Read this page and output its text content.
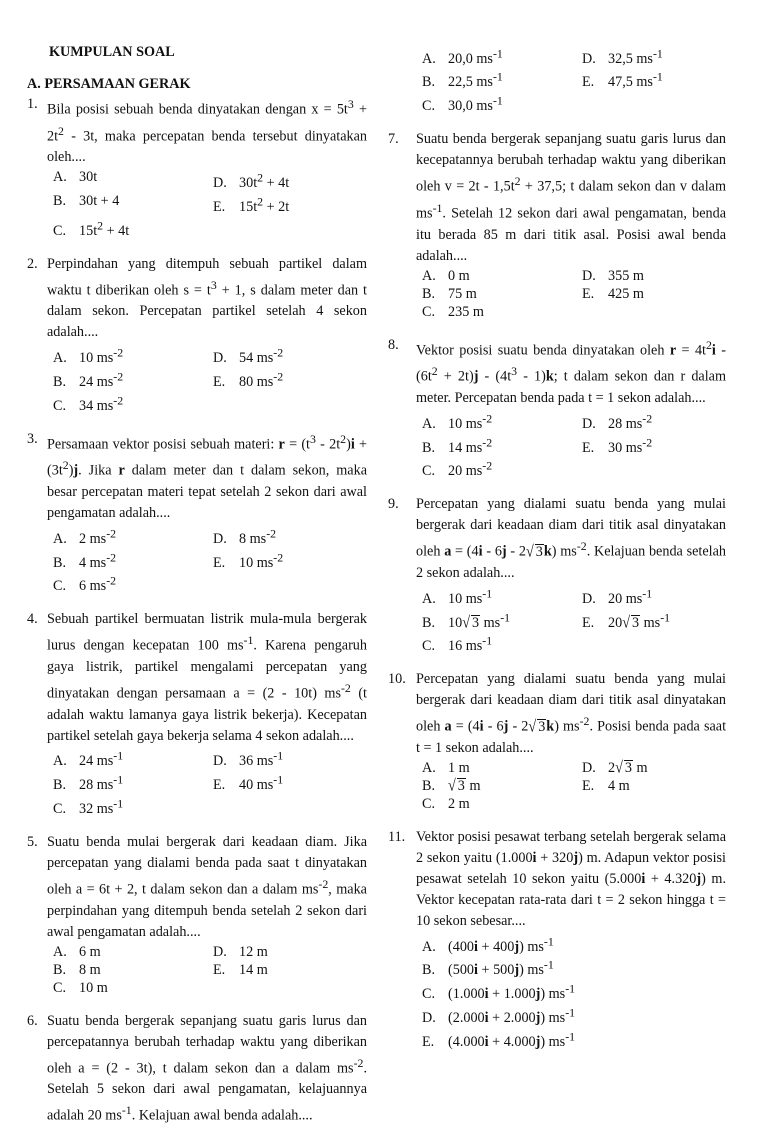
KUMPULAN SOAL
A. PERSAMAAN GERAK
1. Bila posisi sebuah benda dinyatakan dengan $x = 5t^3 + 2t^2 - 3t$, maka percepatan benda tersebut dinyatakan oleh....
A. 30t	D. $30t^2 + 4t$
B. 30t + 4	E. $15t^2 + 2t$
C. $15t^2 + 4t$
2. Perpindahan yang ditempuh sebuah partikel dalam waktu t diberikan oleh $s = t^3 + 1$, s dalam meter dan t dalam sekon. Percepatan partikel setelah 4 sekon adalah....
A. 10 $ms^{-2}$	D. 54 $ms^{-2}$
B. 24 $ms^{-2}$	E. 80 $ms^{-2}$
C. 34 $ms^{-2}$
3. Persamaan vektor posisi sebuah materi: $r = (t^3 - 2t^2)i + (3t^2)j$. Jika r dalam meter dan t dalam sekon, maka besar percepatan materi tepat setelah 2 sekon dari awal pengamatan adalah....
A. 2 $ms^{-2}$	D. 8 $ms^{-2}$
B. 4 $ms^{-2}$	E. 10 $ms^{-2}$
C. 6 $ms^{-2}$
4. Sebuah partikel bermuatan listrik mula-mula bergerak lurus dengan kecepatan 100 $ms^{-1}$. Karena pengaruh gaya listrik, partikel mengalami percepatan yang dinyatakan dengan persamaan a = (2 - 10t) $ms^{-2}$ (t adalah waktu lamanya gaya listrik bekerja). Kecepatan partikel setelah gaya bekerja selama 4 sekon adalah....
A. 24 $ms^{-1}$	D. 36 $ms^{-1}$
B. 28 $ms^{-1}$	E. 40 $ms^{-1}$
C. 32 $ms^{-1}$
5. Suatu benda mulai bergerak dari keadaan diam. Jika percepatan yang dialami benda pada saat t dinyatakan oleh a = 6t + 2, t dalam sekon dan a dalam $ms^{-2}$, maka perpindahan yang ditempuh benda setelah 2 sekon dari awal pengamatan adalah....
A. 6 m	D. 12 m
B. 8 m	E. 14 m
C. 10 m
6. Suatu benda bergerak sepanjang suatu garis lurus dan percepatannya berubah terhadap waktu yang diberikan oleh a = (2 - 3t), t dalam sekon dan a dalam $ms^{-2}$. Setelah 5 sekon dari awal pengamatan, kelajuannya adalah 20 $ms^{-1}$. Kelajuan awal benda adalah....
A. 20,0 $ms^{-1}$	D. 32,5 $ms^{-1}$
B. 22,5 $ms^{-1}$	E. 47,5 $ms^{-1}$
C. 30,0 $ms^{-1}$
7. Suatu benda bergerak sepanjang suatu garis lurus dan kecepatannya berubah terhadap waktu yang diberikan oleh $v = 2t - 1,5t^2 + 37,5$; t dalam sekon dan v dalam $ms^{-1}$. Setelah 12 sekon dari awal pengamatan, benda itu berada 85 m dari titik asal. Posisi awal benda adalah....
A. 0 m	D. 355 m
B. 75 m	E. 425 m
C. 235 m
8. Vektor posisi suatu benda dinyatakan oleh $r = 4t^2i - (6t^2 + 2t)j - (4t^3 - 1)k$; t dalam sekon dan r dalam meter. Percepatan benda pada t = 1 sekon adalah....
A. 10 $ms^{-2}$	D. 28 $ms^{-2}$
B. 14 $ms^{-2}$	E. 30 $ms^{-2}$
C. 20 $ms^{-2}$
9. Percepatan yang dialami suatu benda yang mulai bergerak dari keadaan diam dari titik asal dinyatakan oleh a = (4i - 6j - 2√ 3k) $ms^{-2}$. Kelajuan benda setelah 2 sekon adalah....
A. 10 $ms^{-1}$	D. 20 $ms^{-1}$
B. 10√ 3 $ms^{-1}$	E. 20√ 3 $ms^{-1}$
C. 16 $ms^{-1}$
10. Percepatan yang dialami suatu benda yang mulai bergerak dari keadaan diam dari titik asal dinyatakan oleh a = (4i - 6j - 2√ 3k) $ms^{-2}$. Posisi benda pada saat t = 1 sekon adalah....
A. 1 m	D. 2√ 3 m
B. √ 3 m	E. 4 m
C. 2 m
11. Vektor posisi pesawat terbang setelah bergerak selama 2 sekon yaitu (1.000i + 320j) m. Adapun vektor posisi pesawat setelah 10 sekon yaitu (5.000i + 4.320j) m. Vektor kecepatan rata-rata dari t = 2 sekon hingga t = 10 sekon sebesar....
A. (400i + 400j) $ms^{-1}$
B. (500i + 500j) $ms^{-1}$
C. (1.000i + 1.000j) $ms^{-1}$
D. (2.000i + 2.000j) $ms^{-1}$
E. (4.000i + 4.000j) $ms^{-1}$
